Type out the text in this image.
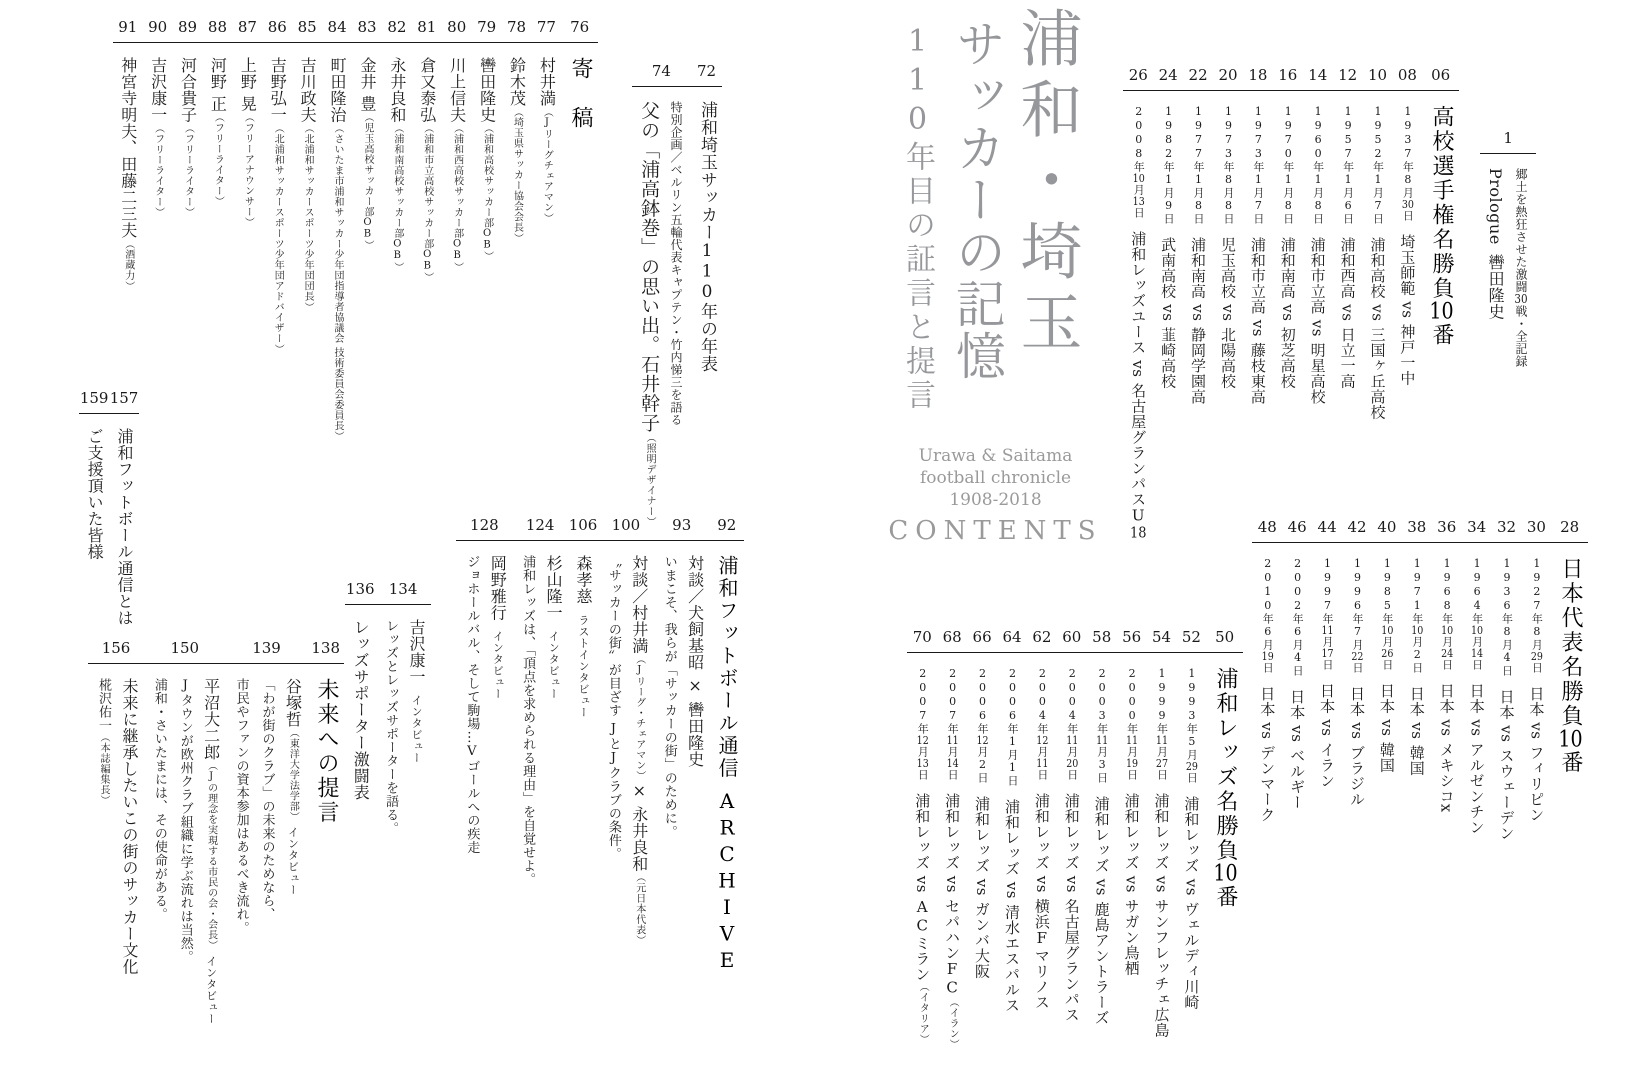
浦和・埼玉
サッカーの記憶
110年目の証言と提言
Urawa & Saitama
football chronicle
1908-2018
CONTENTS
1
郷土を熱狂させた激闘30戦・全記録
Prologue轡田隆史
06
高校選手権名勝負10番
08
1937年8月30日埼玉師範 vs 神戸一中
10
1952年1月7日浦和高校 vs 三国ヶ丘高校
12
1957年1月6日浦和西高 vs 日立一高
14
1960年1月8日浦和市立高 vs 明星高校
16
1970年1月8日浦和南高 vs 初芝高校
18
1973年1月7日浦和市立高 vs 藤枝東高
20
1973年8月8日児玉高校 vs 北陽高校
22
1977年1月8日浦和南高 vs 静岡学園高
24
1982年1月9日武南高校 vs 韮崎高校
26
2008年10月13日浦和レッズユース vs 名古屋グランパスU18	28
日本代表名勝負10番
30
1927年8月29日日本 vs フィリピン
32
1936年8月4日日本 vs スウェーデン
34
1964年10月14日日本 vs アルゼンチン
36
1968年10月24日日本 vs メキシコx
38
1971年10月2日日本 vs 韓国
40
1985年10月26日日本 vs 韓国
42
1996年7月22日日本 vs ブラジル
44
1997年11月17日日本 vs イラン
46
2002年6月4日日本 vs ベルギー
48
2010年6月19日日本 vs デンマーク
50
浦和レッズ名勝負10番
52
1993年5月29日浦和レッズ vs ヴェルディ川崎
54
1999年11月27日浦和レッズ vs サンフレッチェ広島
56
2000年11月19日浦和レッズ vs サガン鳥栖
58
2003年11月3日浦和レッズ vs 鹿島アントラーズ
60
2004年11月20日浦和レッズ vs 名古屋グランパス
62
2004年12月11日浦和レッズ vs 横浜Fマリノス
64
2006年1月1日浦和レッズ vs 清水エスパルス
66
2006年12月2日浦和レッズ vs ガンバ大阪
68
2007年11月14日浦和レッズ vs セパハンFC（イラン）
70
2007年12月13日浦和レッズ vs ACミラン（イタリア）
72
浦和埼玉サッカー110年の年表
74
特別企画／ベルリン五輪代表キャプテン・竹内悌三を語る
父の「浦高鉢巻」の思い出。石井幹子（照明デザイナー）
76
寄　稿
77
村井満（ Jリーグチェアマン ）
78
鈴木茂（ 埼玉県サッカー協会会長 ）
79
轡田隆史（ 浦和高校サッカー部OB ）
80
川上信夫（ 浦和西高校サッカー部OB ）
81
倉又泰弘（ 浦和市立高校サッカー部OB ）
82
永井良和（ 浦和南高校サッカー部OB ）
83
金井 豊（ 児玉高校サッカー部OB ）
84
町田隆治（ さいたま市浦和サッカー少年団指導者協議会 技術委員会委員長 ）
85
吉川政夫（ 北浦和サッカースポーツ少年団団長 ）
86
吉野弘一（ 北浦和サッカースポーツ少年団アドバイザー ）
87
上野 晃（ フリーアナウンサー ）
88
河野 正（ フリーライター ）
89
河合貴子（ フリーライター ）
90
吉沢康一（ フリーライター ）
91
神宮寺明夫、田藤二三夫（ 酒蔵力 ）
92
浦和フットボール通信 ARCHIVE
93
対談／犬飼基昭 × 轡田隆史
いまこそ、我らが「サッカーの街」のために。
100
対談／村井満（Jリーグ・チェアマン）× 永井良和（元日本代表）
〝サッカーの街〟が目ざす JとJクラブの条件。
106
森孝慈ラストインタビュー
124
杉山隆一インタビュー
浦和レッズは、「頂点を求められる理由」を自覚せよ。
128
岡野雅行インタビュー
ジョホールバル、そして駒場…Vゴールへの疾走
134
吉沢康一インタビュー
レッズとレッズサポーターを語る。
136
レッズサポーター激闘表
138
未来への提言
139
谷塚哲（東洋大学法学部）インタビュー
「わが街のクラブ」の未来のためなら、
市民やファンの資本参加はあるべき流れ。
150
平沼大二郎（Jの理念を実現する市民の会・会長）インタビュー
Jタウンが欧州クラブ組織に学ぶ流れは当然。
浦和・さいたまには、その使命がある。
156
未来に継承したいこの街のサッカー文化
椛沢佑一（本誌編集長）
157
浦和フットボール通信とは
159
ご支援頂いた皆様
